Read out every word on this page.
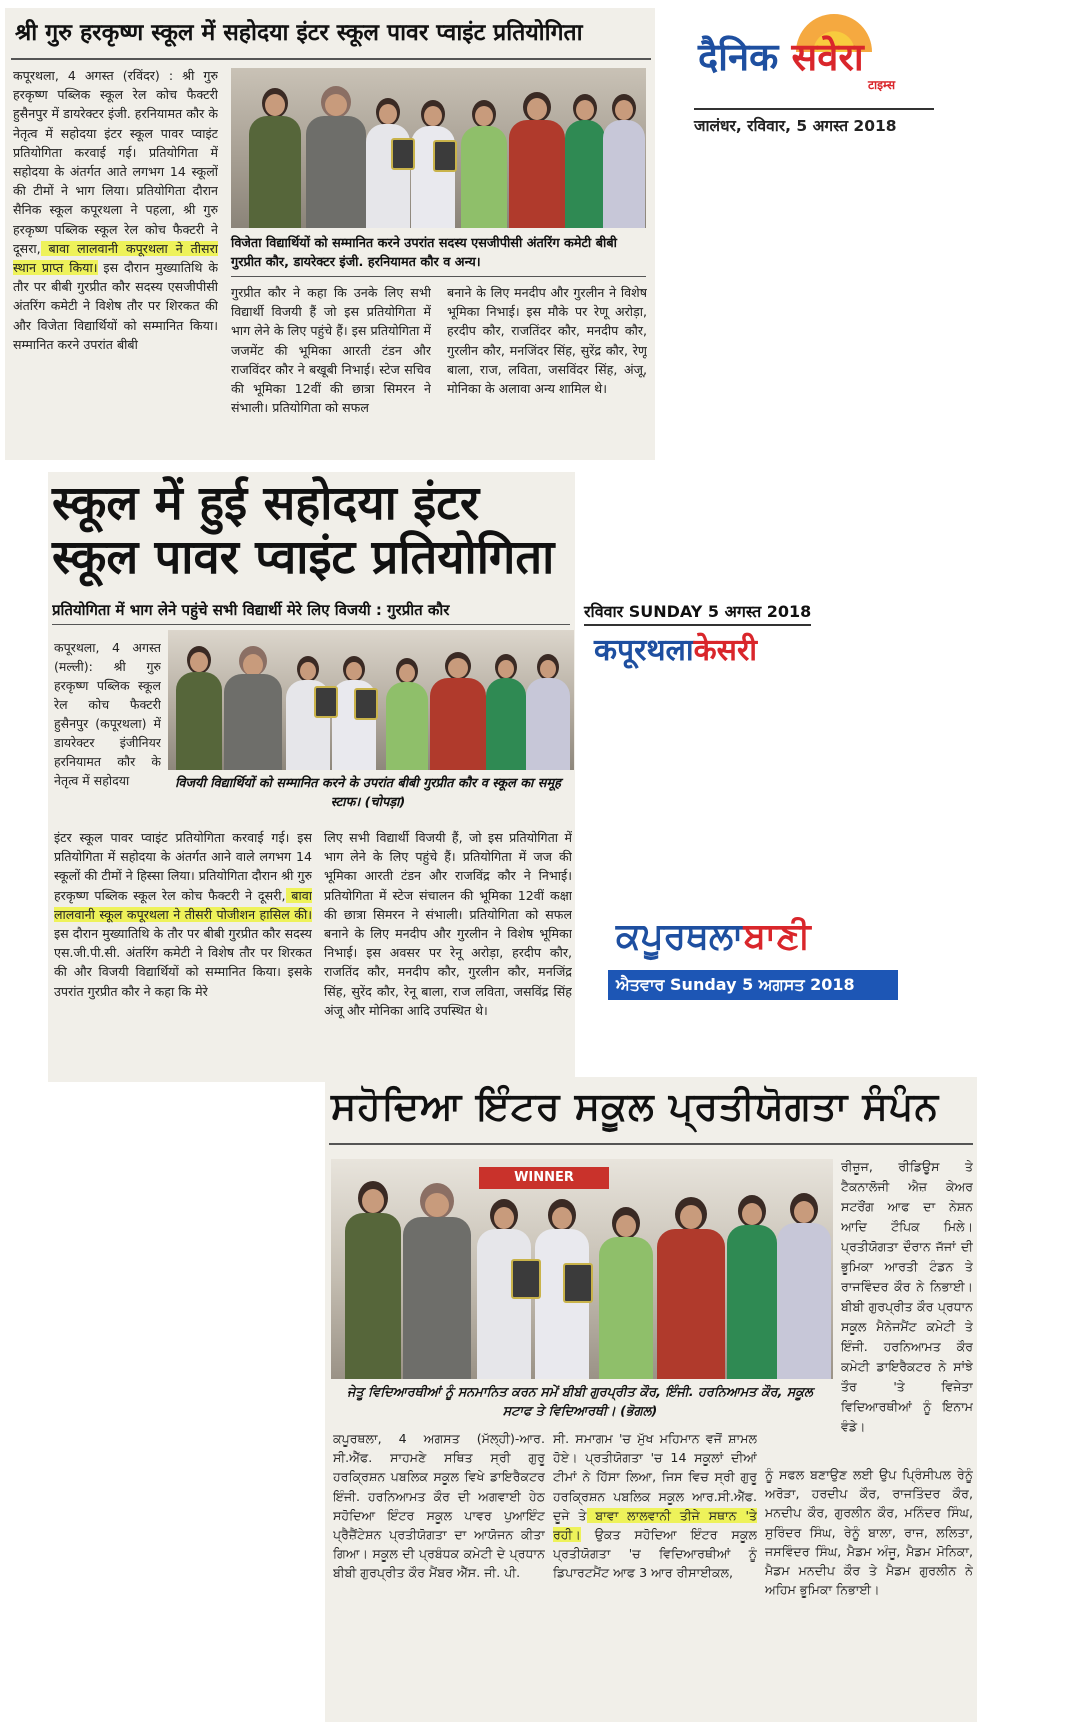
श्री गुरु हरकृष्ण स्कूल में सहोदया इंटर स्कूल पावर प्वाइंट प्रतियोगिता
कपूरथला, 4 अगस्त (रविंदर) : श्री गुरु हरकृष्ण पब्लिक स्कूल रेल कोच फैक्टरी हुसैनपुर में डायरेक्टर इंजी. हरनियामत कौर के नेतृत्व में सहोदया इंटर स्कूल पावर प्वाइंट प्रतियोगिता करवाई गई। प्रतियोगिता में सहोदया के अंतर्गत आते लगभग 14 स्कूलों की टीमों ने भाग लिया। प्रतियोगिता दौरान सैनिक स्कूल कपूरथला ने पहला, श्री गुरु हरकृष्ण पब्लिक स्कूल रेल कोच फैक्टरी ने दूसरा, बावा लालवानी कपूरथला ने तीसरा स्थान प्राप्त किया। इस दौरान मुख्यातिथि के तौर पर बीबी गुरप्रीत कौर सदस्य एसजीपीसी अंतरिंग कमेटी ने विशेष तौर पर शिरकत की और विजेता विद्यार्थियों को सम्मानित किया। सम्मानित करने उपरांत बीबी
विजेता विद्यार्थियों को सम्मानित करने उपरांत सदस्य एसजीपीसी अंतरिंग कमेटी बीबी गुरप्रीत कौर, डायरेक्टर इंजी. हरनियामत कौर व अन्य।
गुरप्रीत कौर ने कहा कि उनके लिए सभी विद्यार्थी विजयी हैं जो इस प्रतियोगिता में भाग लेने के लिए पहुंचे हैं। इस प्रतियोगिता में जजमेंट की भूमिका आरती टंडन और राजविंदर कौर ने बखूबी निभाई। स्टेज सचिव की भूमिका 12वीं की छात्रा सिमरन ने संभाली। प्रतियोगिता को सफल
बनाने के लिए मनदीप और गुरलीन ने विशेष भूमिका निभाई। इस मौके पर रेणू अरोड़ा, हरदीप कौर, राजतिंदर कौर, मनदीप कौर, गुरलीन कौर, मनजिंदर सिंह, सुरेंद्र कौर, रेणू बाला, राज, लविता, जसविंदर सिंह, अंजू, मोनिका के अलावा अन्य शामिल थे।
दैनिक सवेरा
टाइम्स
जालंधर, रविवार, 5 अगस्त 2018
स्कूल में हुई सहोदया इंटर
स्कूल पावर प्वाइंट प्रतियोगिता
प्रतियोगिता में भाग लेने पहुंचे सभी विद्यार्थी मेरे लिए विजयी : गुरप्रीत कौर
कपूरथला, 4 अगस्त (मल्ली): श्री गुरु हरकृष्ण पब्लिक स्कूल रेल कोच फैक्टरी हुसैनपुर (कपूरथला) में डायरेक्टर इंजीनियर हरनियामत कौर के नेतृत्व में सहोदया	विजयी विद्यार्थियों को सम्मानित करने के उपरांत बीबी गुरप्रीत कौर व स्कूल का समूह स्टाफ। (चोपड़ा)
इंटर स्कूल पावर प्वाइंट प्रतियोगिता करवाई गई। इस प्रतियोगिता में सहोदया के अंतर्गत आने वाले लगभग 14 स्कूलों की टीमों ने हिस्सा लिया। प्रतियोगिता दौरान श्री गुरु हरकृष्ण पब्लिक स्कूल रेल कोच फैक्टरी ने दूसरी, बावा लालवानी स्कूल कपूरथला ने तीसरी पोजीशन हासिल की। इस दौरान मुख्यातिथि के तौर पर बीबी गुरप्रीत कौर सदस्य एस.जी.पी.सी. अंतरिंग कमेटी ने विशेष तौर पर शिरकत की और विजयी विद्यार्थियों को सम्मानित किया। इसके उपरांत गुरप्रीत कौर ने कहा कि मेरे
लिए सभी विद्यार्थी विजयी हैं, जो इस प्रतियोगिता में भाग लेने के लिए पहुंचे हैं। प्रतियोगिता में जज की भूमिका आरती टंडन और राजविंद्र कौर ने निभाई। प्रतियोगिता में स्टेज संचालन की भूमिका 12वीं कक्षा की छात्रा सिमरन ने संभाली। प्रतियोगिता को सफल बनाने के लिए मनदीप और गुरलीन ने विशेष भूमिका निभाई। इस अवसर पर रेनू अरोड़ा, हरदीप कौर, राजतिंद कौर, मनदीप कौर, गुरलीन कौर, मनजिंद्र सिंह, सुरेंद कौर, रेनू बाला, राज लविता, जसविंद्र सिंह अंजू और मोनिका आदि उपस्थित थे।
रविवार SUNDAY 5 अगस्त 2018
कपूरथलाकेसरी
ਕਪੂਰਥਲਾਬਾਣੀ
ਐਤਵਾਰ Sunday 5 ਅਗਸਤ 2018
ਸਹੋਦਿਆ ਇੰਟਰ ਸਕੂਲ ਪ੍ਰਤੀਯੋਗਤਾ ਸੰਪੰਨ
WINNER
ਰੀਜ਼ੂਜ, ਰੀਡਿਊਸ ਤੇ ਟੈਕਨਾਲੋਜੀ ਐਜ਼ ਕੇਅਰ ਸਟਰੌਂਗ ਆਫ ਦਾ ਨੇਸ਼ਨ ਆਦਿ ਟੌਪਿਕ ਮਿਲੇ। ਪ੍ਰਤੀਯੋਗਤਾ ਦੌਰਾਨ ਜੱਜਾਂ ਦੀ ਭੂਮਿਕਾ ਆਰਤੀ ਟੰਡਨ ਤੇ ਰਾਜਵਿੰਦਰ ਕੌਰ ਨੇ ਨਿਭਾਈ। ਬੀਬੀ ਗੁਰਪ੍ਰੀਤ ਕੌਰ ਪ੍ਰਧਾਨ ਸਕੂਲ ਮੈਨੇਜਮੈਂਟ ਕਮੇਟੀ ਤੇ ਇੰਜੀ. ਹਰਨਿਆਮਤ ਕੌਰ ਕਮੇਟੀ ਡਾਇਰੈਕਟਰ ਨੇ ਸਾਂਝੇ ਤੌਰ 'ਤੇ ਵਿਜੇਤਾ ਵਿਦਿਆਰਥੀਆਂ ਨੂੰ ਇਨਾਮ ਵੰਡੇ।
ਜੇਤੂ ਵਿਦਿਆਰਥੀਆਂ ਨੂੰ ਸਨਮਾਨਿਤ ਕਰਨ ਸਮੇਂ ਬੀਬੀ ਗੁਰਪ੍ਰੀਤ ਕੌਰ, ਇੰਜੀ. ਹਰਨਿਆਮਤ ਕੌਰ, ਸਕੂਲ ਸਟਾਫ ਤੇ ਵਿਦਿਆਰਥੀ। (ਭੋਗਲ)
ਕਪੂਰਥਲਾ, 4 ਅਗਸਤ (ਮੱਲ੍ਹੀ)-ਆਰ. ਸੀ.ਐੱਫ. ਸਾਹਮਣੇ ਸਥਿਤ ਸ੍ਰੀ ਗੁਰੂ ਹਰਕ੍ਰਿਸ਼ਨ ਪਬਲਿਕ ਸਕੂਲ ਵਿਖੇ ਡਾਇਰੈਕਟਰ ਇੰਜੀ. ਹਰਨਿਆਮਤ ਕੌਰ ਦੀ ਅਗਵਾਈ ਹੇਠ ਸਹੋਦਿਆ ਇੰਟਰ ਸਕੂਲ ਪਾਵਰ ਪੁਆਇੰਟ ਪ੍ਰੈਜ਼ੈਂਟੇਸ਼ਨ ਪ੍ਰਤੀਯੋਗਤਾ ਦਾ ਆਯੋਜਨ ਕੀਤਾ ਗਿਆ। ਸਕੂਲ ਦੀ ਪ੍ਰਬੰਧਕ ਕਮੇਟੀ ਦੇ ਪ੍ਰਧਾਨ ਬੀਬੀ ਗੁਰਪ੍ਰੀਤ ਕੌਰ ਮੈਂਬਰ ਐੱਸ. ਜੀ. ਪੀ.
ਸੀ. ਸਮਾਗਮ 'ਚ ਮੁੱਖ ਮਹਿਮਾਨ ਵਜੋਂ ਸ਼ਾਮਲ ਹੋਏ। ਪ੍ਰਤੀਯੋਗਤਾ 'ਚ 14 ਸਕੂਲਾਂ ਦੀਆਂ ਟੀਮਾਂ ਨੇ ਹਿੱਸਾ ਲਿਆ, ਜਿਸ ਵਿਚ ਸ੍ਰੀ ਗੁਰੂ ਹਰਕ੍ਰਿਸ਼ਨ ਪਬਲਿਕ ਸਕੂਲ ਆਰ.ਸੀ.ਐੱਫ. ਦੂਜੇ ਤੇ ਬਾਵਾ ਲਾਲਵਾਨੀ ਤੀਜੇ ਸਥਾਨ 'ਤੇ ਰਹੀ। ਉਕਤ ਸਹੋਦਿਆ ਇੰਟਰ ਸਕੂਲ ਪ੍ਰਤੀਯੋਗਤਾ 'ਚ ਵਿਦਿਆਰਥੀਆਂ ਨੂੰ ਡਿਪਾਰਟਮੈਂਟ ਆਫ 3 ਆਰ ਰੀਸਾਈਕਲ,
ਨੂੰ ਸਫਲ ਬਣਾਉਣ ਲਈ ਉਪ ਪ੍ਰਿੰਸੀਪਲ ਰੇਨੂੰ ਅਰੋੜਾ, ਹਰਦੀਪ ਕੌਰ, ਰਾਜਤਿੰਦਰ ਕੌਰ, ਮਨਦੀਪ ਕੌਰ, ਗੁਰਲੀਨ ਕੌਰ, ਮਨਿੰਦਰ ਸਿੰਘ, ਸੁਰਿੰਦਰ ਸਿੰਘ, ਰੇਨੂੰ ਬਾਲਾ, ਰਾਜ, ਲਲਿਤਾ, ਜਸਵਿੰਦਰ ਸਿੰਘ, ਮੈਡਮ ਅੰਜੂ, ਮੈਡਮ ਮੋਨਿਕਾ, ਮੈਡਮ ਮਨਦੀਪ ਕੌਰ ਤੇ ਮੈਡਮ ਗੁਰਲੀਨ ਨੇ ਅਹਿਮ ਭੂਮਿਕਾ ਨਿਭਾਈ।
